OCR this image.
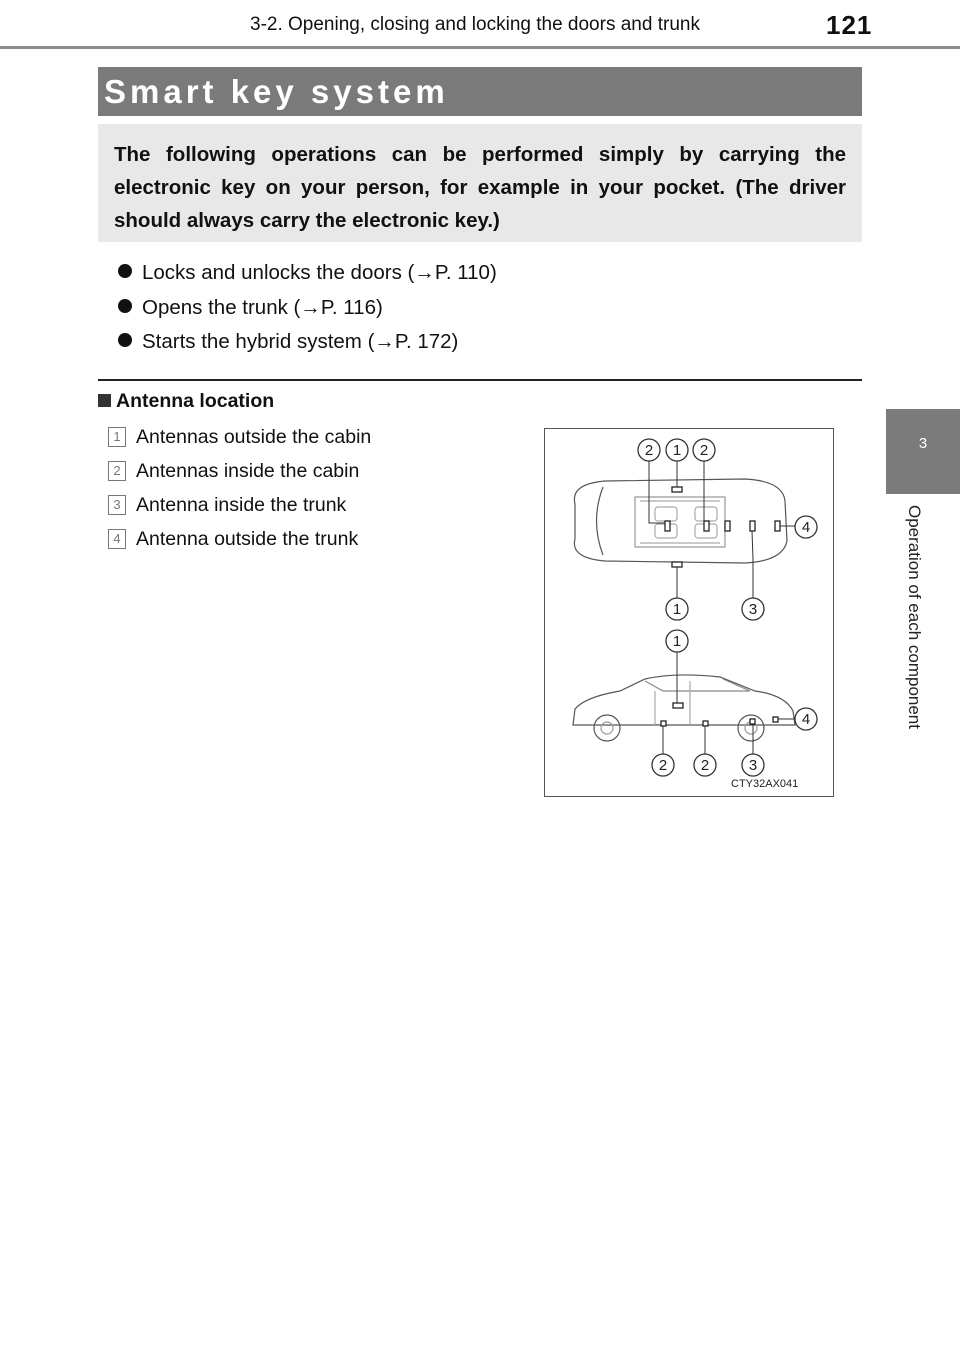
3-2. Opening, closing and locking the doors and trunk	121
3
Operation of each component
Smart key system
The following operations can be performed simply by carrying the electronic key on your person, for example in your pocket. (The driver should always carry the electronic key.)
Locks and unlocks the doors (→P. 110)
Opens the trunk (→P. 116)
Starts the hybrid system (→P. 172)
Antenna location
1 Antennas outside the cabin
2 Antennas inside the cabin
3 Antenna inside the trunk
4 Antenna outside the trunk
2 1 2
4
1	3
1
4
2 2	3
CTY32AX041
